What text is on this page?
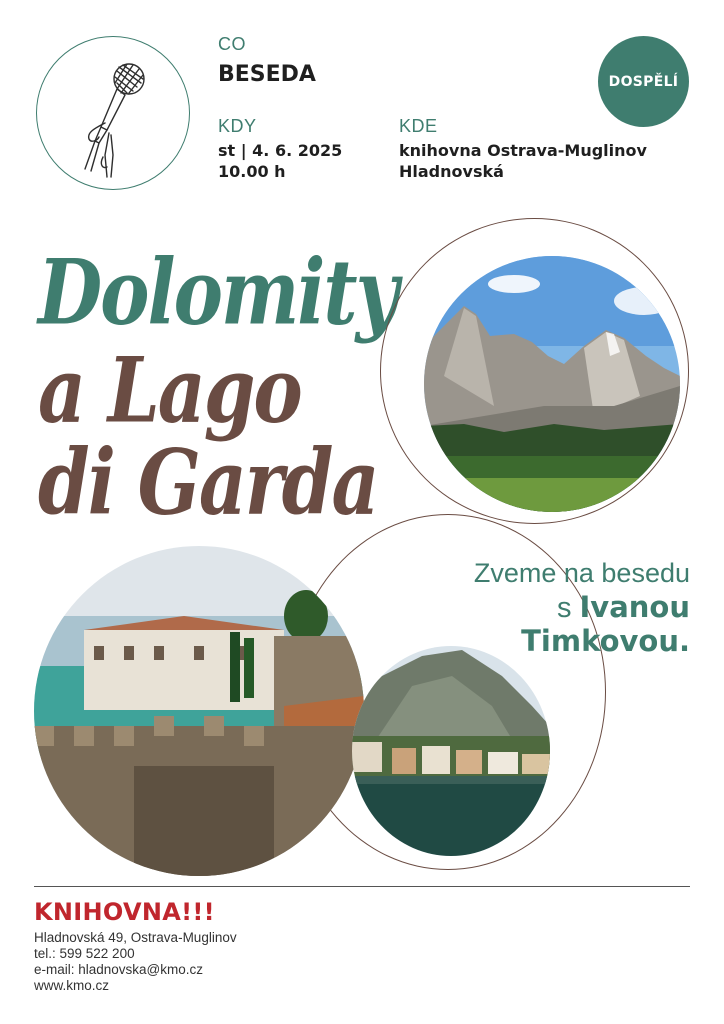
CO
BESEDA
KDY
st | 4. 6. 2025
10.00 h
KDE
knihovna Ostrava-Muglinov
Hladnovská
DOSPĚLÍ
Dolomity
a Lago
di Garda
Zveme na besedu
s Ivanou
Timkovou.
KNIHOVNA!!!
Hladnovská 49, Ostrava-Muglinov
tel.: 599 522 200
e-mail: hladnovska@kmo.cz
www.kmo.cz
